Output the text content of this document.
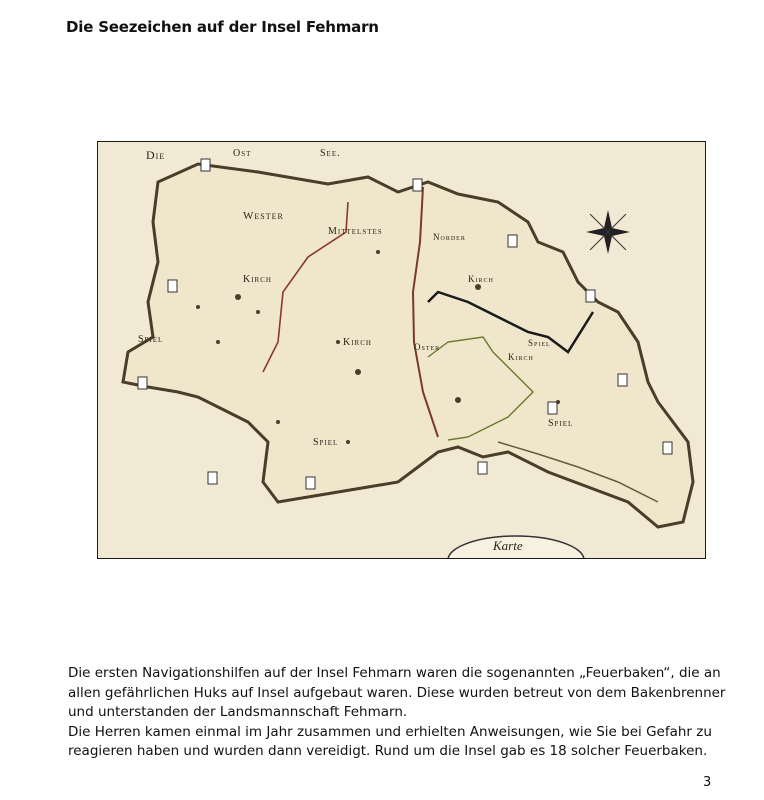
Die Seezeichen auf der Insel Fehmarn
Die	Ost	See.
Wester
Mittelstes	Norder
Kirch	Kirch
Kirch
Kirch
Spiel
Spiel
Spiel
Spiel
Oster
Karte

Die ersten Navigationshilfen auf der Insel Fehmarn waren die sogenannten „Feuerbaken“, die an allen gefährlichen Huks auf Insel aufgebaut waren. Diese wurden betreut von dem Bakenbrenner und unterstanden der Landsmannschaft Fehmarn.

Die Herren kamen einmal im Jahr zusammen und erhielten Anweisungen, wie Sie bei Gefahr zu reagieren haben und wurden dann vereidigt. Rund um die Insel gab es 18 solcher Feuerbaken.

3
